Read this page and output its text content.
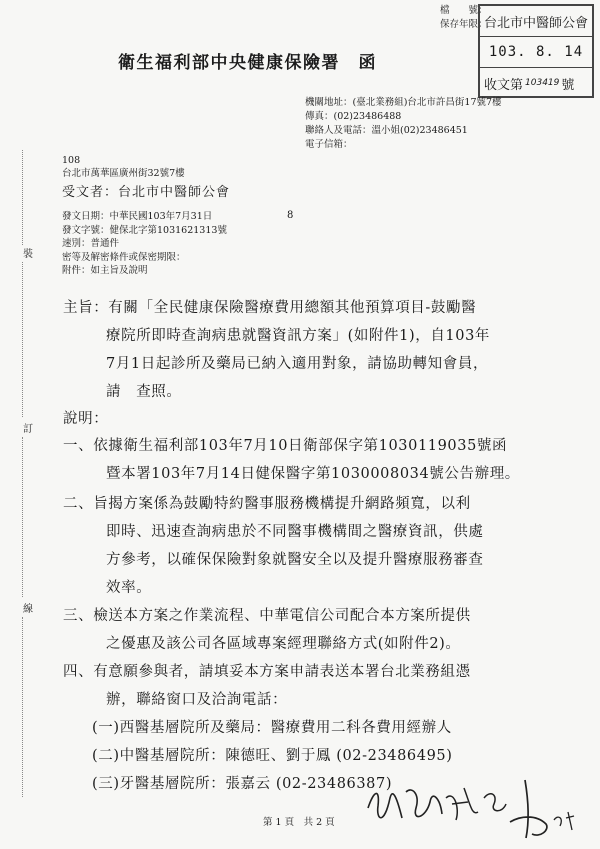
檔　　號：
保存年限：
台北市中醫師公會
103. 8. 14
收文第 103419 號
衛生福利部中央健康保險署　函
機關地址：(臺北業務組)台北市許昌街17號7樓
傳真：(02)23486488
聯絡人及電話：溫小姐(02)23486451
電子信箱：
108
台北市萬華區廣州街32號7樓
受文者：台北市中醫師公會
發文日期：中華民國103年7月31日
發文字號：健保北字第1031621313號
速別：普通件
密等及解密條件或保密期限：
附件：如主旨及說明
8
裝
訂
線
主旨：有關「全民健康保險醫療費用總額其他預算項目-鼓勵醫
療院所即時查詢病患就醫資訊方案」(如附件1)，自103年
7月1日起診所及藥局已納入適用對象，請協助轉知會員，
請　查照。
說明：
一、依據衛生福利部103年7月10日衛部保字第1030119035號函
暨本署103年7月14日健保醫字第1030008034號公告辦理。
二、旨揭方案係為鼓勵特約醫事服務機構提升網路頻寬，以利
即時、迅速查詢病患於不同醫事機構間之醫療資訊，供處
方參考，以確保保險對象就醫安全以及提升醫療服務審查
效率。
三、檢送本方案之作業流程、中華電信公司配合本方案所提供
之優惠及該公司各區域專案經理聯絡方式(如附件2)。
四、有意願參與者，請填妥本方案申請表送本署台北業務組憑
辦，聯絡窗口及洽詢電話：
(一)西醫基層院所及藥局：醫療費用二科各費用經辦人
(二)中醫基層院所：陳德旺、劉于鳳 (02-23486495)
(三)牙醫基層院所：張嘉云 (02-23486387)
第 1 頁　共 2 頁
